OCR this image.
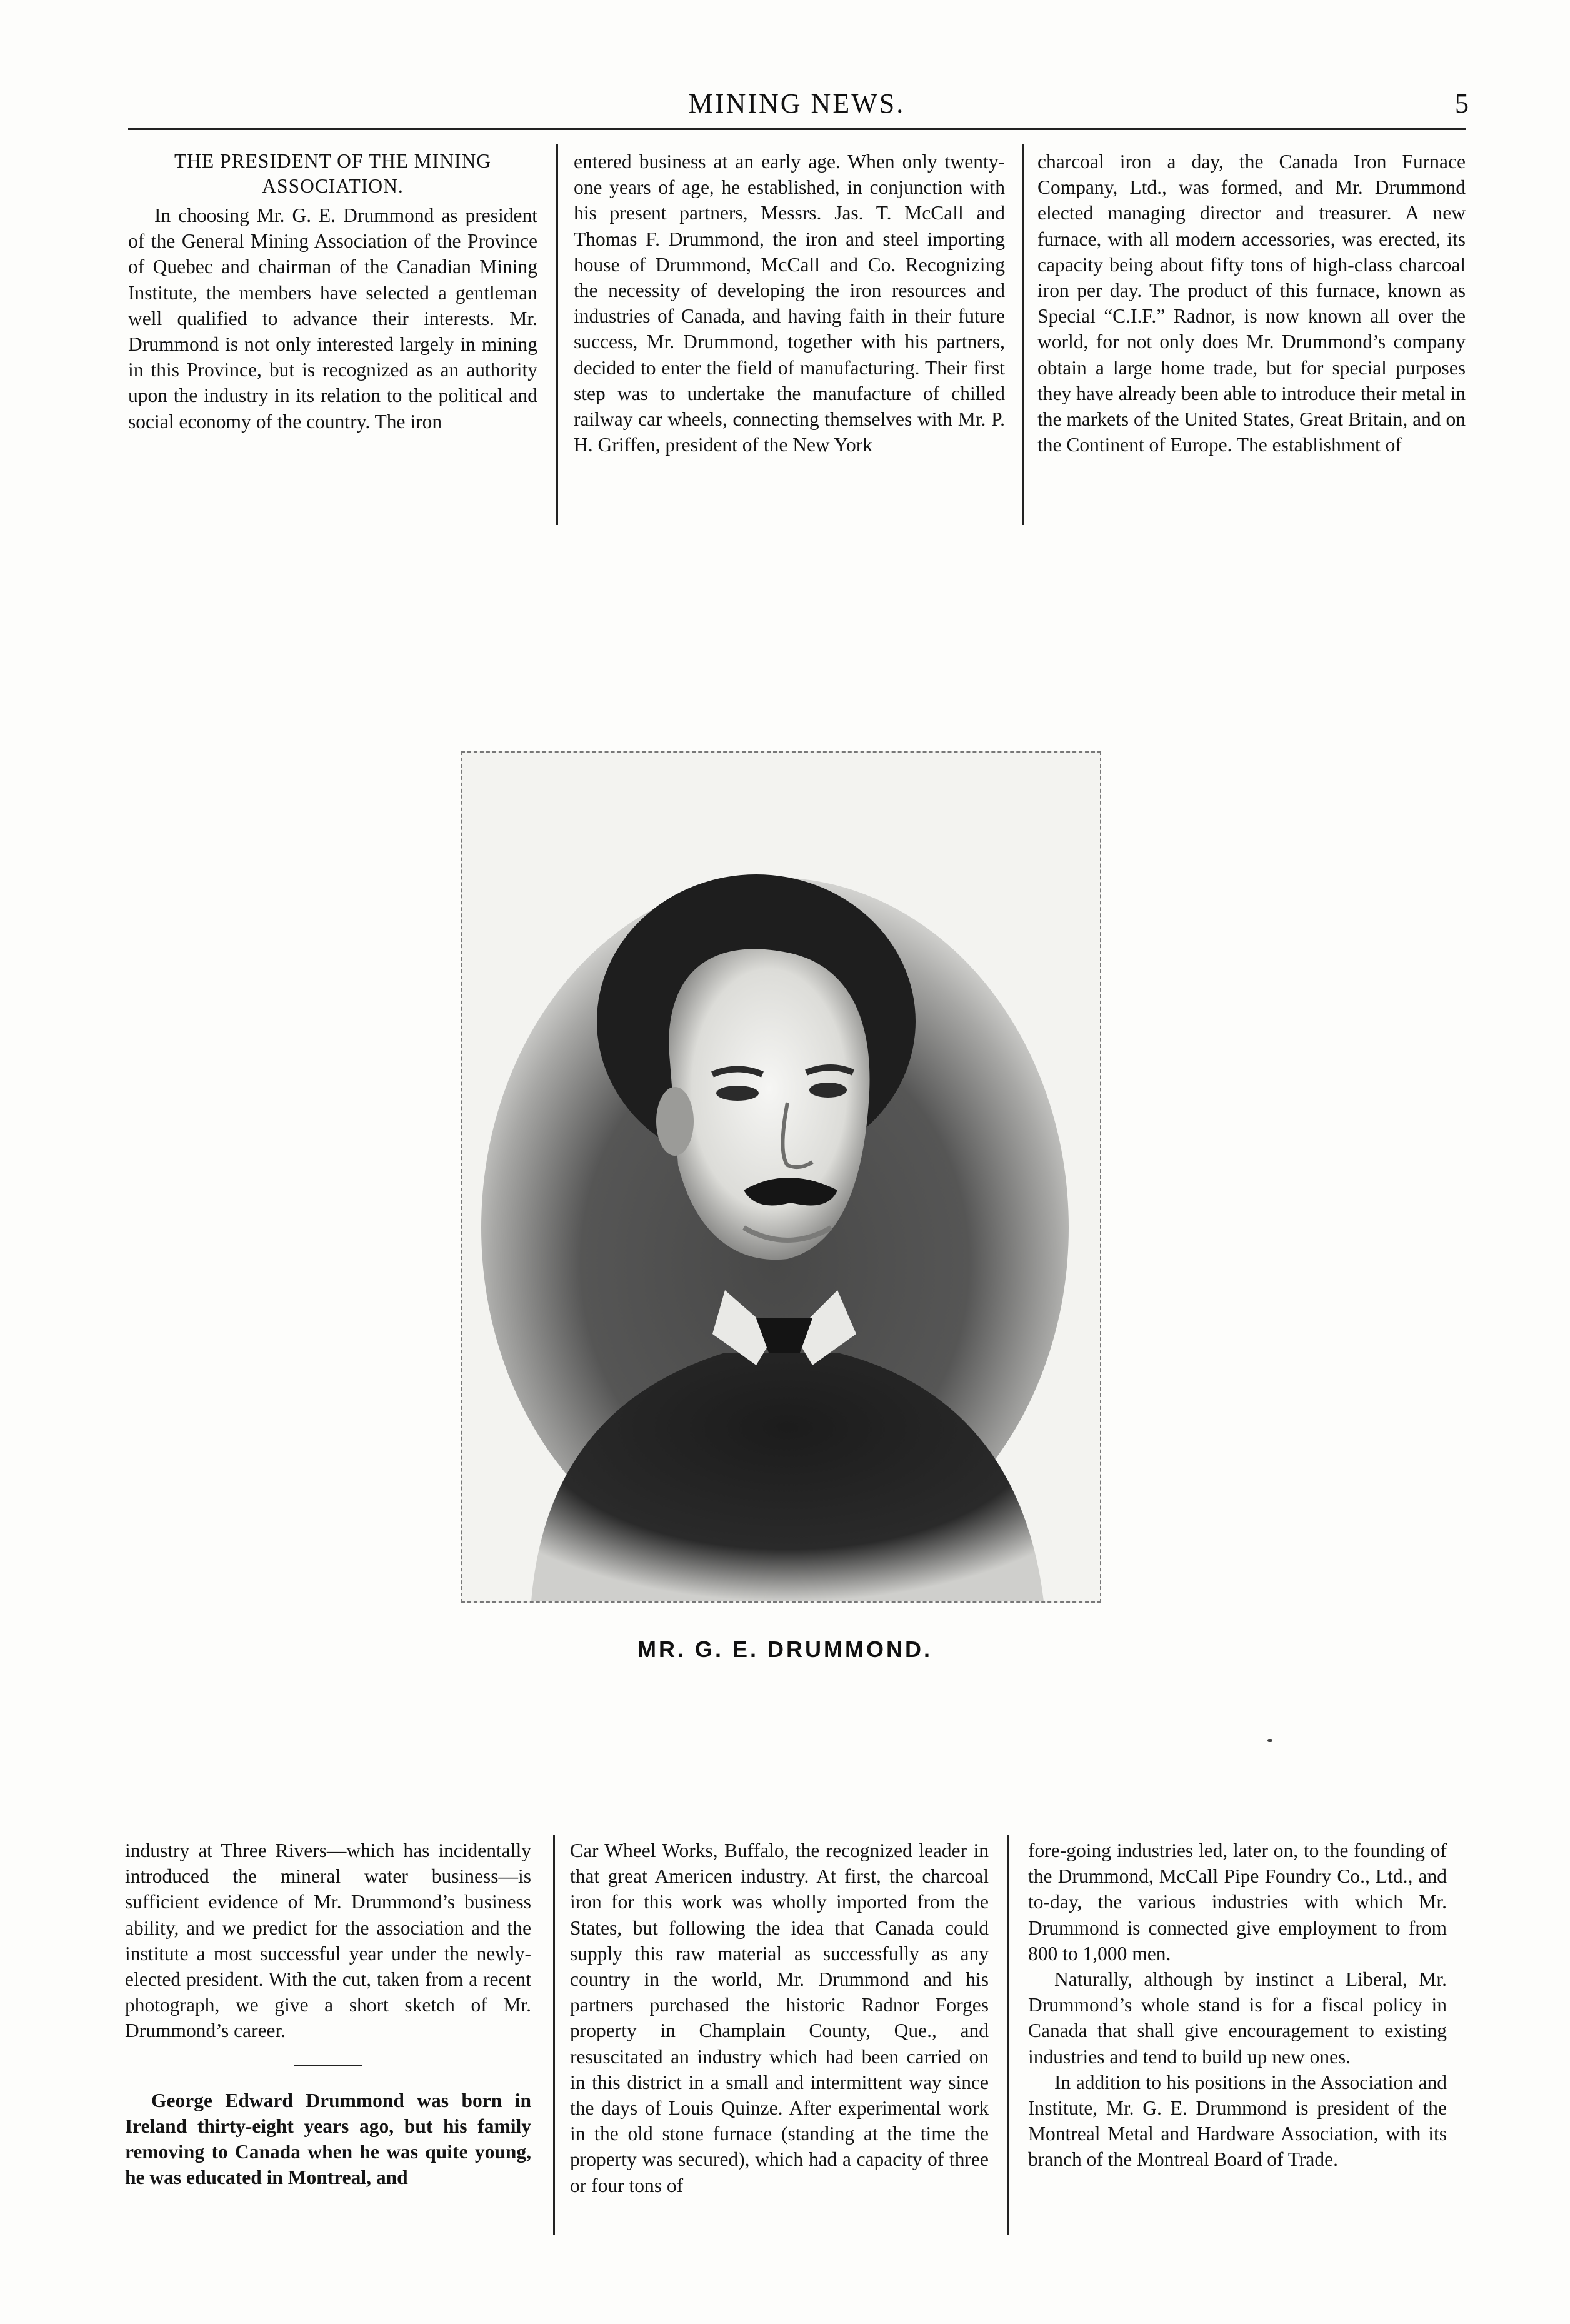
MINING NEWS.	5

THE PRESIDENT OF THE MINING ASSOCIATION.

In choosing Mr. G. E. Drummond as president of the General Mining Association of the Province of Quebec and chairman of the Canadian Mining Institute, the members have selected a gentleman well qualified to advance their interests. Mr. Drummond is not only interested largely in mining in this Province, but is recognized as an authority upon the industry in its relation to the political and social economy of the country. The iron

entered business at an early age. When only twenty-one years of age, he established, in conjunction with his present partners, Messrs. Jas. T. McCall and Thomas F. Drummond, the iron and steel importing house of Drummond, McCall and Co. Recognizing the necessity of developing the iron resources and industries of Canada, and having faith in their future success, Mr. Drummond, together with his partners, decided to enter the field of manufacturing. Their first step was to undertake the manufacture of chilled railway car wheels, connecting themselves with Mr. P. H. Griffen, president of the New York

charcoal iron a day, the Canada Iron Furnace Company, Ltd., was formed, and Mr. Drummond elected managing director and treasurer. A new furnace, with all modern accessories, was erected, its capacity being about fifty tons of high-class charcoal iron per day. The product of this furnace, known as Special “C.I.F.” Radnor, is now known all over the world, for not only does Mr. Drummond’s company obtain a large home trade, but for special purposes they have already been able to introduce their metal in the markets of the United States, Great Britain, and on the Continent of Europe. The establishment of

MR. G. E. DRUMMOND.

industry at Three Rivers—which has incidentally introduced the mineral water business—is sufficient evidence of Mr. Drummond’s business ability, and we predict for the association and the institute a most successful year under the newly-elected president. With the cut, taken from a recent photograph, we give a short sketch of Mr. Drummond’s career.

George Edward Drummond was born in Ireland thirty-eight years ago, but his family removing to Canada when he was quite young, he was educated in Montreal, and

Car Wheel Works, Buffalo, the recognized leader in that great Americen industry. At first, the charcoal iron for this work was wholly imported from the States, but following the idea that Canada could supply this raw material as successfully as any country in the world, Mr. Drummond and his partners purchased the historic Radnor Forges property in Champlain County, Que., and resuscitated an industry which had been carried on in this district in a small and intermittent way since the days of Louis Quinze. After experimental work in the old stone furnace (standing at the time the property was secured), which had a capacity of three or four tons of

fore-going industries led, later on, to the founding of the Drummond, McCall Pipe Foundry Co., Ltd., and to-day, the various industries with which Mr. Drummond is connected give employment to from 800 to 1,000 men.

Naturally, although by instinct a Liberal, Mr. Drummond’s whole stand is for a fiscal policy in Canada that shall give encouragement to existing industries and tend to build up new ones.

In addition to his positions in the Association and Institute, Mr. G. E. Drummond is president of the Montreal Metal and Hardware Association, with its branch of the Montreal Board of Trade.
